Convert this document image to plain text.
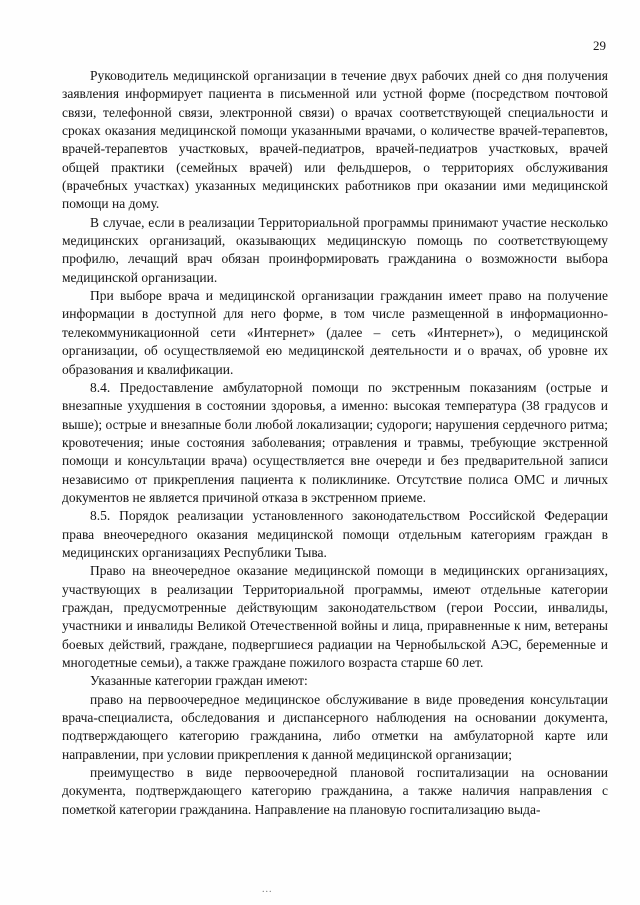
29

Руководитель медицинской организации в течение двух рабочих дней со дня получения заявления информирует пациента в письменной или устной форме (посредством почтовой связи, телефонной связи, электронной связи) о врачах соответствующей специальности и сроках оказания медицинской помощи указанными врачами, о количестве врачей-терапевтов, врачей-терапевтов участковых, врачей-педиатров, врачей-педиатров участковых, врачей общей практики (семейных врачей) или фельдшеров, о территориях обслуживания (врачебных участках) указанных медицинских работников при оказании ими медицинской помощи на дому.

В случае, если в реализации Территориальной программы принимают участие несколько медицинских организаций, оказывающих медицинскую помощь по соответствующему профилю, лечащий врач обязан проинформировать гражданина о возможности выбора медицинской организации.

При выборе врача и медицинской организации гражданин имеет право на получение информации в доступной для него форме, в том числе размещенной в информационно-телекоммуникационной сети «Интернет» (далее – сеть «Интернет»), о медицинской организации, об осуществляемой ею медицинской деятельности и о врачах, об уровне их образования и квалификации.

8.4. Предоставление амбулаторной помощи по экстренным показаниям (острые и внезапные ухудшения в состоянии здоровья, а именно: высокая температура (38 градусов и выше); острые и внезапные боли любой локализации; судороги; нарушения сердечного ритма; кровотечения; иные состояния заболевания; отравления и травмы, требующие экстренной помощи и консультации врача) осуществляется вне очереди и без предварительной записи независимо от прикрепления пациента к поликлинике. Отсутствие полиса ОМС и личных документов не является причиной отказа в экстренном приеме.

8.5. Порядок реализации установленного законодательством Российской Федерации права внеочередного оказания медицинской помощи отдельным категориям граждан в медицинских организациях Республики Тыва.

Право на внеочередное оказание медицинской помощи в медицинских организациях, участвующих в реализации Территориальной программы, имеют отдельные категории граждан, предусмотренные действующим законодательством (герои России, инвалиды, участники и инвалиды Великой Отечественной войны и лица, приравненные к ним, ветераны боевых действий, граждане, подвергшиеся радиации на Чернобыльской АЭС, беременные и многодетные семьи), а также граждане пожилого возраста старше 60 лет.

Указанные категории граждан имеют:

право на первоочередное медицинское обслуживание в виде проведения консультации врача-специалиста, обследования и диспансерного наблюдения на основании документа, подтверждающего категорию гражданина, либо отметки на амбулаторной карте или направлении, при условии прикрепления к данной медицинской организации;

преимущество в виде первоочередной плановой госпитализации на основании документа, подтверждающего категорию гражданина, а также наличия направления с пометкой категории гражданина. Направление на плановую госпитализацию выда-

...
